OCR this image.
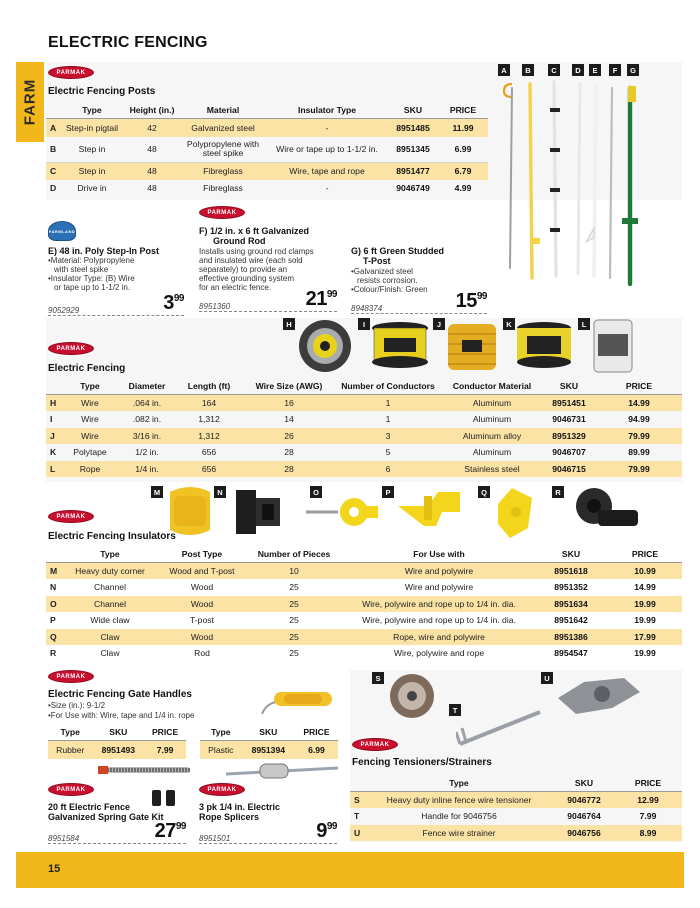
ELECTRIC FENCING
FARM
PARMAK
Electric Fencing Posts
	Type	Height (in.)	Material	Insulator Type	SKU	PRICE
A	Step-in pigtail	42	Galvanized steel	-	8951485	11.99
B	Step in	48	Polypropylene with steel spike	Wire or tape up to 1-1/2 in.	8951345	6.99
C	Step in	48	Fibreglass	Wire, tape and rope	8951477	6.79
D	Drive in	48	Fibreglass	-	9046749	4.99
A	B	C	D	E	F	G
FARMLAND
E) 48 in. Poly Step-In Post
•Material: Polypropylene
with steel spike
•Insulator Type: (B) Wire
or tape up to 1-1/2 in.
9052929	$3^{99}$
PARMAK
F) 1/2 in. x 6 ft Galvanized
Ground Rod
Installs using ground rod clamps
and insulated wire (each sold
separately) to provide an
effective grounding system
for an electric fence.
8951360	$21^{99}$
G) 6 ft Green Studded
T-Post
•Galvanized steel
resists corrosion.
•Colour/Finish: Green
8948374	$15^{99}$
H	I	J	K	L
PARMAK
Electric Fencing
	Type	Diameter	Length (ft)	Wire Size (AWG)	Number of Conductors	Conductor Material	SKU	PRICE
H	Wire	.064 in.	164	16	1	Aluminum	8951451	14.99
I	Wire	.082 in.	1,312	14	1	Aluminum	9046731	94.99
J	Wire	3/16 in.	1,312	26	3	Aluminum alloy	8951329	79.99
K	Polytape	1/2 in.	656	28	5	Aluminum	9046707	89.99
L	Rope	1/4 in.	656	28	6	Stainless steel	9046715	79.99
M	N	O	P	Q	R
PARMAK
Electric Fencing Insulators
	Type	Post Type	Number of Pieces	For Use with	SKU	PRICE
M	Heavy duty corner	Wood and T-post	10	Wire and polywire	8951618	10.99
N	Channel	Wood	25	Wire and polywire	8951352	14.99
O	Channel	Wood	25	Wire, polywire and rope up to 1/4 in. dia.	8951634	19.99
P	Wide claw	T-post	25	Wire, polywire and rope up to 1/4 in. dia.	8951642	19.99
Q	Claw	Wood	25	Rope, wire and polywire	8951386	17.99
R	Claw	Rod	25	Wire, polywire and rope	8954547	19.99
PARMAK
Electric Fencing Gate Handles
•Size (in.): 9-1/2
•For Use with: Wire, tape and 1/4 in. rope
Type	SKU	PRICE
Rubber	8951493	7.99
Type	SKU	PRICE
Plastic	8951394	6.99
PARMAK
20 ft Electric Fence
Galvanized Spring Gate Kit
8951584	$27^{99}$
PARMAK
3 pk 1/4 in. Electric
Rope Splicers
8951501	$9^{99}$
S
T
U
PARMAK
Fencing Tensioners/Strainers
	Type	SKU	PRICE
S	Heavy duty inline fence wire tensioner	9046772	12.99
T	Handle for 9046756	9046764	7.99
U	Fence wire strainer	9046756	8.99
15
